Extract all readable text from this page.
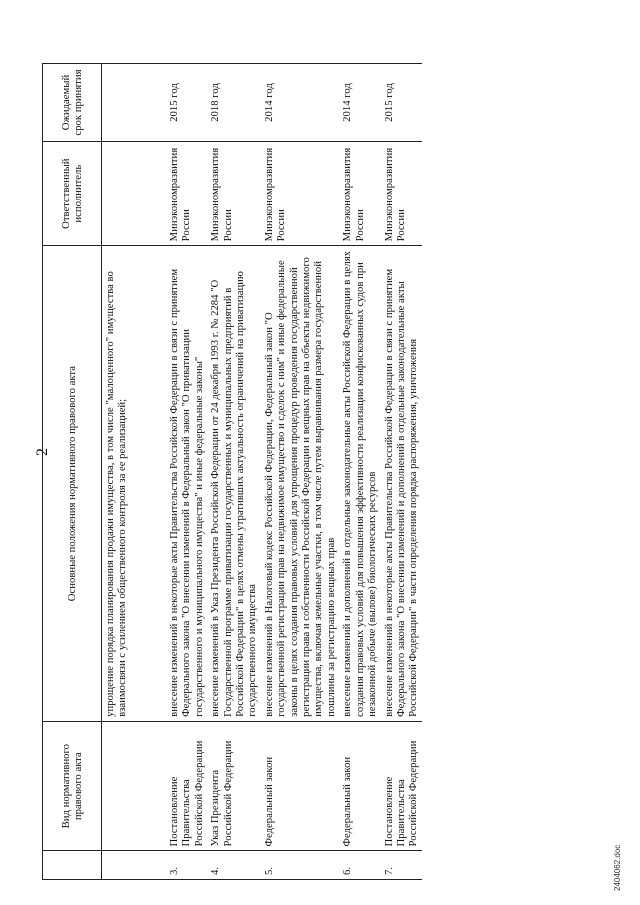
2
	Вид нормативного правового акта	Основные положения нормативного правового акта	Ответственный исполнитель	Ожидаемый срок принятия
		упрощение порядка планирования продажи имущества, в том числе "малоценного" имущества во взаимосвязи с усилением общественного контроля за ее реализацией;		
3.	Постановление Правительства Российской Федерации	внесение изменений в некоторые акты Правительства Российской Федерации в связи с принятием Федерального закона "О внесении изменений в Федеральный закон "О приватизации государственного и муниципального имущества" и иные федеральные законы"	Минэкономразвития России	2015 год
4.	Указ Президента Российской Федерации	внесение изменений в Указ Президента Российской Федерации от 24 декабря 1993 г. № 2284 "О Государственной программе приватизации государственных и муниципальных предприятий в Российской Федерации" в целях отмены утративших актуальность ограничений на приватизацию государственного имущества	Минэкономразвития России	2018 год
5.	Федеральный закон	внесение изменений в Налоговый кодекс Российской Федерации, Федеральный закон "О государственной регистрации прав на недвижимое имущество и сделок с ним" и иные федеральные законы в целях создания правовых условий для упрощения процедур проведения государственной регистрации права и собственности Российской Федерации и вещных прав на объекты недвижимого имущества, включая земельные участки, в том числе путем выравнивания размера государственной пошлины за регистрацию вещных прав	Минэкономразвития России	2014 год
6.	Федеральный закон	внесение изменений и дополнений в отдельные законодательные акты Российской Федерации в целях создания правовых условий для повышения эффективности реализации конфискованных судов при незаконной добыче (вылове) биологических ресурсов	Минэкономразвития России	2014 год
7.	Постановление Правительства Российской Федерации	внесение изменений в некоторые акты Правительства Российской Федерации в связи с принятием Федерального закона "О внесении изменений и дополнений в отдельные законодательные акты Российской Федерации" в части определения порядка распоряжения, уничтожения	Минэкономразвития России	2015 год
2404062.doc
